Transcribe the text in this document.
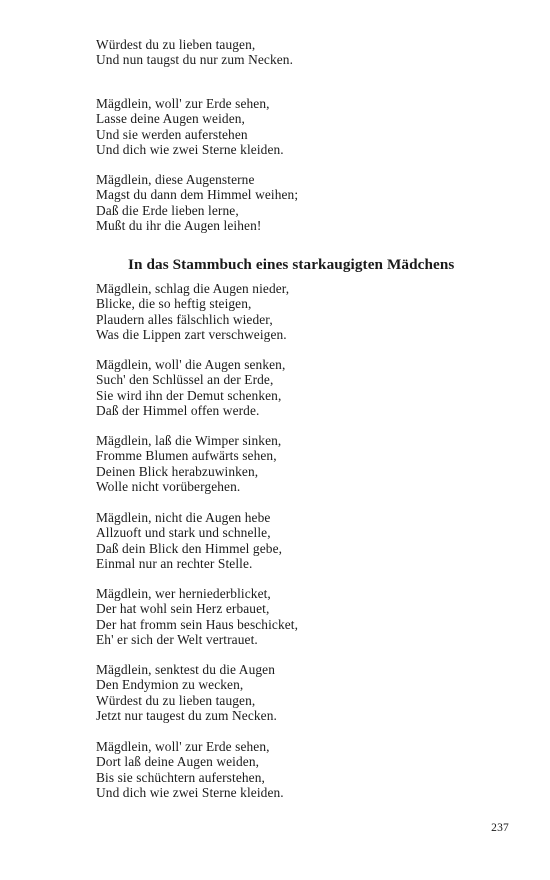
Würdest du zu lieben taugen,
Und nun taugst du nur zum Necken.
Mägdlein, woll' zur Erde sehen,
Lasse deine Augen weiden,
Und sie werden auferstehen
Und dich wie zwei Sterne kleiden.
Mägdlein, diese Augensterne
Magst du dann dem Himmel weihen;
Daß die Erde lieben lerne,
Mußt du ihr die Augen leihen!
In das Stammbuch eines starkaugigten Mädchens
Mägdlein, schlag die Augen nieder,
Blicke, die so heftig steigen,
Plaudern alles fälschlich wieder,
Was die Lippen zart verschweigen.
Mägdlein, woll' die Augen senken,
Such' den Schlüssel an der Erde,
Sie wird ihn der Demut schenken,
Daß der Himmel offen werde.
Mägdlein, laß die Wimper sinken,
Fromme Blumen aufwärts sehen,
Deinen Blick herabzuwinken,
Wolle nicht vorübergehen.
Mägdlein, nicht die Augen hebe
Allzuoft und stark und schnelle,
Daß dein Blick den Himmel gebe,
Einmal nur an rechter Stelle.
Mägdlein, wer herniederblicket,
Der hat wohl sein Herz erbauet,
Der hat fromm sein Haus beschicket,
Eh' er sich der Welt vertrauet.
Mägdlein, senktest du die Augen
Den Endymion zu wecken,
Würdest du zu lieben taugen,
Jetzt nur taugest du zum Necken.
Mägdlein, woll' zur Erde sehen,
Dort laß deine Augen weiden,
Bis sie schüchtern auferstehen,
Und dich wie zwei Sterne kleiden.
237
